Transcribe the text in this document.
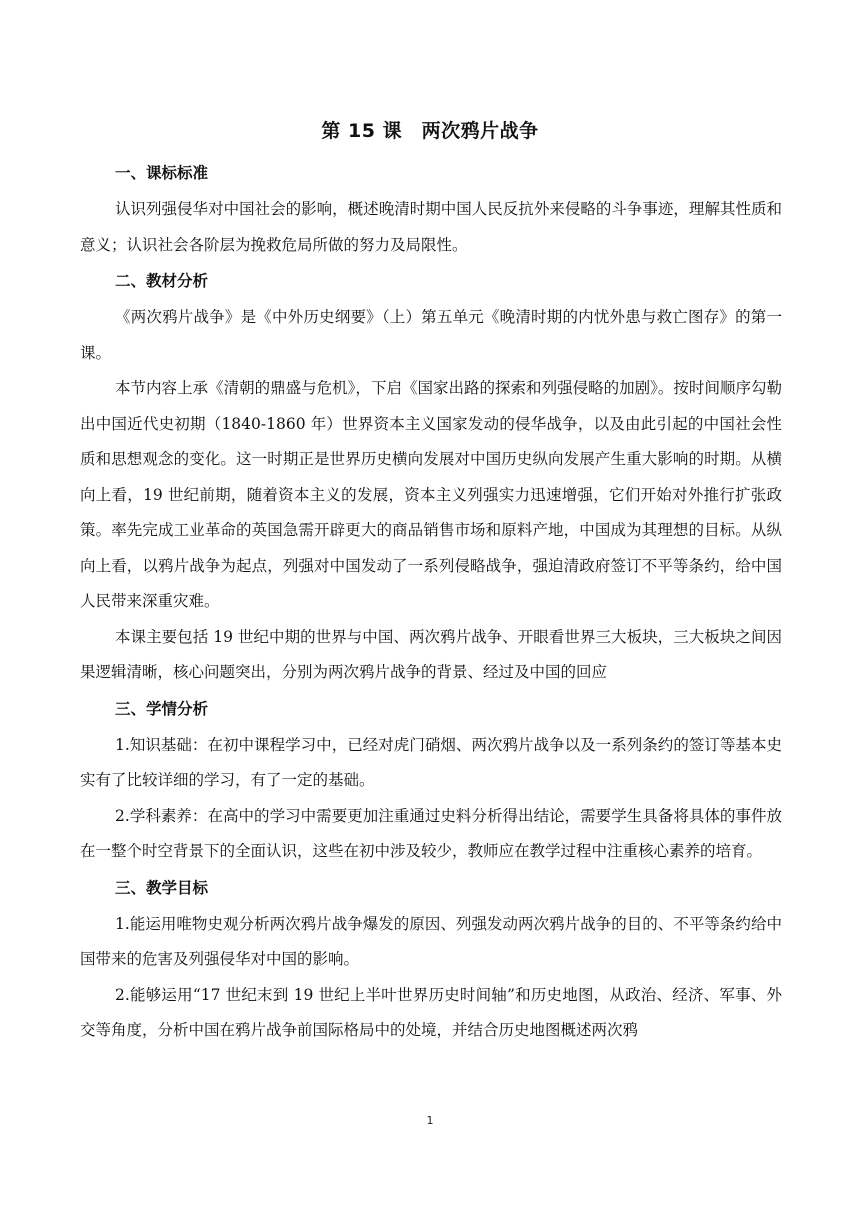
第 15 课　两次鸦片战争

一、课标标准

认识列强侵华对中国社会的影响，概述晚清时期中国人民反抗外来侵略的斗争事迹，理解其性质和意义；认识社会各阶层为挽救危局所做的努力及局限性。

二、教材分析

《两次鸦片战争》是《中外历史纲要》（上）第五单元《晚清时期的内忧外患与救亡图存》的第一课。

本节内容上承《清朝的鼎盛与危机》，下启《国家出路的探索和列强侵略的加剧》。按时间顺序勾勒出中国近代史初期（1840-1860 年）世界资本主义国家发动的侵华战争，以及由此引起的中国社会性质和思想观念的变化。这一时期正是世界历史横向发展对中国历史纵向发展产生重大影响的时期。从横向上看，19 世纪前期，随着资本主义的发展，资本主义列强实力迅速增强，它们开始对外推行扩张政策。率先完成工业革命的英国急需开辟更大的商品销售市场和原料产地，中国成为其理想的目标。从纵向上看，以鸦片战争为起点，列强对中国发动了一系列侵略战争，强迫清政府签订不平等条约，给中国人民带来深重灾难。

本课主要包括 19 世纪中期的世界与中国、两次鸦片战争、开眼看世界三大板块，三大板块之间因果逻辑清晰，核心问题突出，分别为两次鸦片战争的背景、经过及中国的回应

三、学情分析

1.知识基础：在初中课程学习中，已经对虎门硝烟、两次鸦片战争以及一系列条约的签订等基本史实有了比较详细的学习，有了一定的基础。

2.学科素养：在高中的学习中需要更加注重通过史料分析得出结论，需要学生具备将具体的事件放在一整个时空背景下的全面认识，这些在初中涉及较少，教师应在教学过程中注重核心素养的培育。

三、教学目标

1.能运用唯物史观分析两次鸦片战争爆发的原因、列强发动两次鸦片战争的目的、不平等条约给中国带来的危害及列强侵华对中国的影响。

2.能够运用“17 世纪末到 19 世纪上半叶世界历史时间轴”和历史地图，从政治、经济、军事、外交等角度，分析中国在鸦片战争前国际格局中的处境，并结合历史地图概述两次鸦

1
